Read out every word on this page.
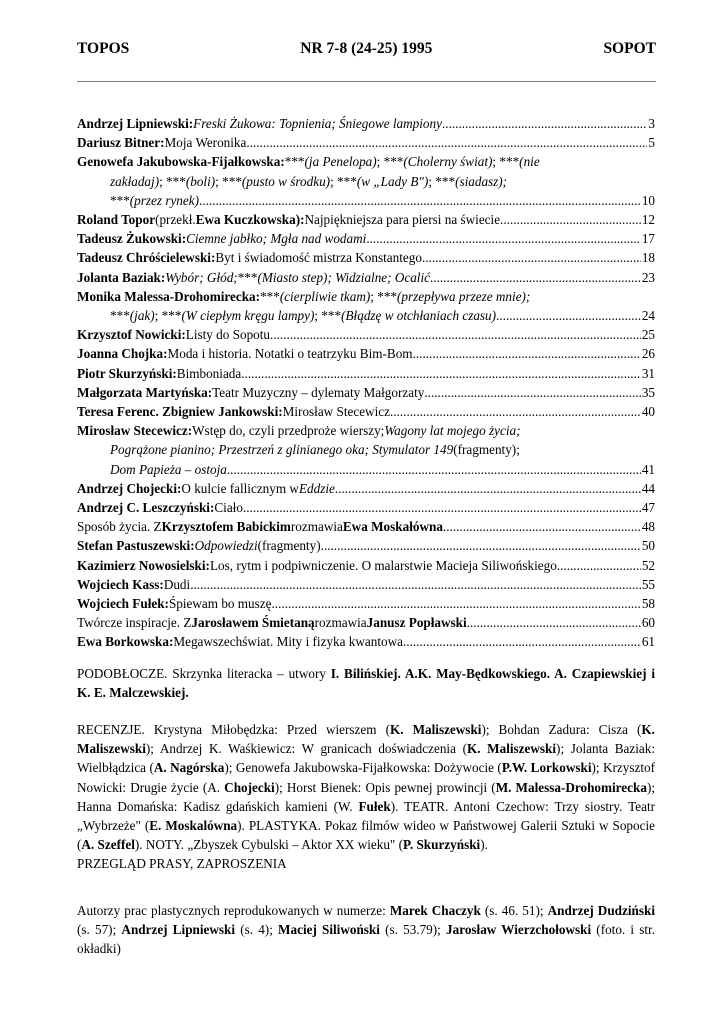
TOPOS	NR 7-8 (24-25) 1995	SOPOT
Andrzej Lipniewski: Freski Żukowa: Topnienia; Śniegowe lampiony .....	3
Dariusz Bitner: Moja Weronika .....	5
Genowefa Jakubowska-Fijałkowska: *** (ja Penelopa) ; *** (Cholerny świat) ; *** (nie
zakładaj) ; *** (boli) ; *** (pusto w środku) ; *** (w „Lady B") ; *** (siadasz);
*** (przez rynek) .....	10
Roland Topor (przekł. Ewa Kuczkowska): Najpiękniejsza para piersi na świecie .....	12
Tadeusz Żukowski: Ciemne jabłko; Mgła nad wodami .....	17
Tadeusz Chróścielewski: Byt i świadomość mistrza Konstantego .....	18
Jolanta Baziak: Wybór; Głód; *** (Miasto step); Widzialne; Ocalić .....	23
Monika Malessa-Drohomirecka: *** (cierpliwie tkam) ; *** (przepływa przeze mnie);
*** (jak) ; *** (W ciepłym kręgu lampy) ; *** (Błądzę w otchłaniach czasu) .....	24
Krzysztof Nowicki: Listy do Sopotu .....	25
Joanna Chojka: Moda i historia. Notatki o teatrzyku Bim-Bom .....	26
Piotr Skurzyński: Bimboniada .....	31
Małgorzata Martyńska: Teatr Muzyczny – dylematy Małgorzaty .....	35
Teresa Ferenc. Zbigniew Jankowski: Mirosław Stecewicz .....	40
Mirosław Stecewicz: Wstęp do, czyli przedproże wierszy; Wagony lat mojego życia;
Pogrążone pianino; Przestrzeń z glinianego oka; Stymulator 149 (fragmenty);
Dom Papieża – ostoja .....	41
Andrzej Chojecki: O kulcie fallicznym w Eddzie .....	44
Andrzej C. Leszczyński: Ciało .....	47
Sposób życia. Z Krzysztofem Babickim rozmawia Ewa Moskałówna .....	48
Stefan Pastuszewski: Odpowiedzi (fragmenty) .....	50
Kazimierz Nowosielski: Los, rytm i podpiwniczenie. O malarstwie Macieja Siliwońskiego .....	52
Wojciech Kass: Dudi .....	55
Wojciech Fułek: Śpiewam bo muszę .....	58
Twórcze inspiracje. Z Jarosławem Śmietaną rozmawia Janusz Popławski .....	60
Ewa Borkowska: Megawszechświat. Mity i fizyka kwantowa .....	61
PODOBŁOCZE. Skrzynka literacka – utwory I. Bilińskiej. A.K. May-Będkowskiego. A. Czapiewskiej i K. E. Malczewskiej.
RECENZJE. Krystyna Miłobędzka: Przed wierszem (K. Maliszewski); Bohdan Zadura: Cisza (K. Maliszewski); Andrzej K. Waśkiewicz: W granicach doświadczenia (K. Maliszewski); Jolanta Baziak: Wielbłądzica (A. Nagórska); Genowefa Jakubowska-Fijałkowska: Dożywocie (P.W. Lorkowski); Krzysztof Nowicki: Drugie życie (A. Chojecki); Horst Bienek: Opis pewnej prowincji (M. Malessa-Drohomirecka); Hanna Domańska: Kadisz gdańskich kamieni (W. Fułek). TEATR. Antoni Czechow: Trzy siostry. Teatr „Wybrzeże" (E. Moskalówna). PLASTYKA. Pokaz filmów wideo w Państwowej Galerii Sztuki w Sopocie (A. Szeffel). NOTY. „Zbyszek Cybulski – Aktor XX wieku" (P. Skurzyński).
PRZEGLĄD PRASY, ZAPROSZENIA
Autorzy prac plastycznych reprodukowanych w numerze: Marek Chaczyk (s. 46. 51); Andrzej Dudziński (s. 57); Andrzej Lipniewski (s. 4); Maciej Siliwoński (s. 53.79); Jarosław Wierzchołowski (foto. i str. okładki)
